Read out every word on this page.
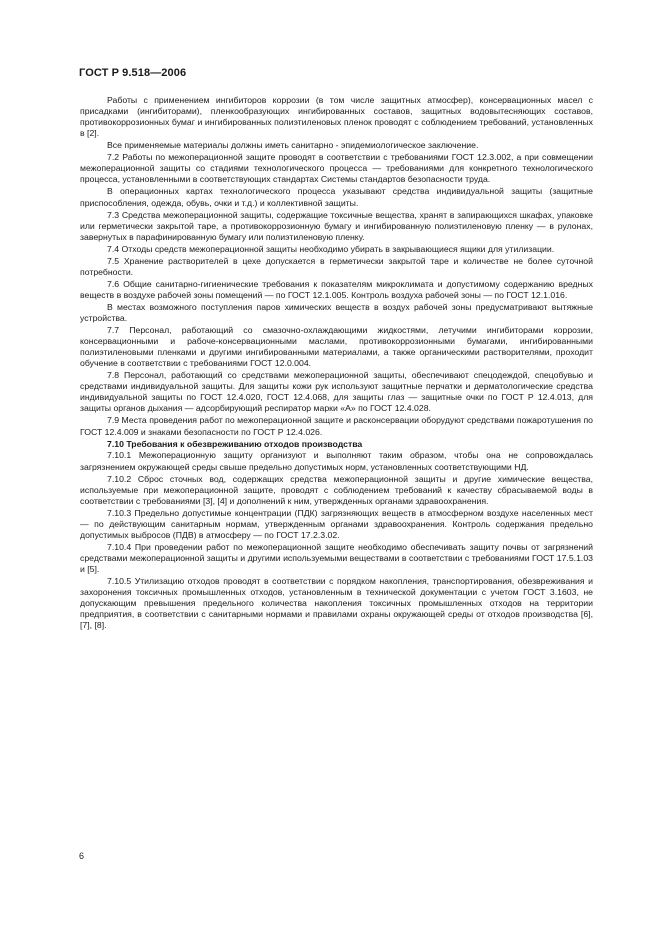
ГОСТ Р 9.518—2006

Работы с применением ингибиторов коррозии (в том числе защитных атмосфер), консервационных масел с присадками (ингибиторами), пленкообразующих ингибированных составов, защитных водовытесняющих составов, противокоррозионных бумаг и ингибированных полиэтиленовых пленок проводят с соблюдением требований, установленных в [2].

Все применяемые материалы должны иметь санитарно - эпидемиологическое заключение.

7.2 Работы по межоперационной защите проводят в соответствии с требованиями ГОСТ 12.3.002, а при совмещении межоперационной защиты со стадиями технологического процесса — требованиями для конкретного технологического процесса, установленными в соответствующих стандартах Системы стандартов безопасности труда.

В операционных картах технологического процесса указывают средства индивидуальной защиты (защитные приспособления, одежда, обувь, очки и т.д.) и коллективной защиты.

7.3 Средства межоперационной защиты, содержащие токсичные вещества, хранят в запирающихся шкафах, упаковке или герметически закрытой таре, а противокоррозионную бумагу и ингибированную полиэтиленовую пленку — в рулонах, завернутых в парафинированную бумагу или полиэтиленовую пленку.

7.4 Отходы средств межоперационной защиты необходимо убирать в закрывающиеся ящики для утилизации.

7.5 Хранение растворителей в цехе допускается в герметически закрытой таре и количестве не более суточной потребности.

7.6 Общие санитарно-гигиенические требования к показателям микроклимата и допустимому содержанию вредных веществ в воздухе рабочей зоны помещений — по ГОСТ 12.1.005. Контроль воздуха рабочей зоны — по ГОСТ 12.1.016.

В местах возможного поступления паров химических веществ в воздух рабочей зоны предусматривают вытяжные устройства.

7.7 Персонал, работающий со смазочно-охлаждающими жидкостями, летучими ингибиторами коррозии, консервационными и рабоче-консервационными маслами, противокоррозионными бумагами, ингибированными полиэтиленовыми пленками и другими ингибированными материалами, а также органическими растворителями, проходит обучение в соответствии с требованиями ГОСТ 12.0.004.

7.8 Персонал, работающий со средствами межоперационной защиты, обеспечивают спецодеждой, спецобувью и средствами индивидуальной защиты. Для защиты кожи рук используют защитные перчатки и дерматологические средства индивидуальной защиты по ГОСТ 12.4.020, ГОСТ 12.4.068, для защиты глаз — защитные очки по ГОСТ Р 12.4.013, для защиты органов дыхания — адсорбирующий респиратор марки «А» по ГОСТ 12.4.028.

7.9 Места проведения работ по межоперационной защите и расконсервации оборудуют средствами пожаротушения по ГОСТ 12.4.009 и знаками безопасности по ГОСТ Р 12.4.026.

7.10 Требования к обезвреживанию отходов производства

7.10.1 Межоперационную защиту организуют и выполняют таким образом, чтобы она не сопровождалась загрязнением окружающей среды свыше предельно допустимых норм, установленных соответствующими НД.

7.10.2 Сброс сточных вод, содержащих средства межоперационной защиты и другие химические вещества, используемые при межоперационной защите, проводят с соблюдением требований к качеству сбрасываемой воды в соответствии с требованиями [3], [4] и дополнений к ним, утвержденных органами здравоохранения.

7.10.3 Предельно допустимые концентрации (ПДК) загрязняющих веществ в атмосферном воздухе населенных мест — по действующим санитарным нормам, утвержденным органами здравоохранения. Контроль содержания предельно допустимых выбросов (ПДВ) в атмосферу — по ГОСТ 17.2.3.02.

7.10.4 При проведении работ по межоперационной защите необходимо обеспечивать защиту почвы от загрязнений средствами межоперационной защиты и другими используемыми веществами в соответствии с требованиями ГОСТ 17.5.1.03 и [5].

7.10.5 Утилизацию отходов проводят в соответствии с порядком накопления, транспортирования, обезвреживания и захоронения токсичных промышленных отходов, установленным в технической документации с учетом ГОСТ 3.1603, не допускающим превышения предельного количества накопления токсичных промышленных отходов на территории предприятия, в соответствии с санитарными нормами и правилами охраны окружающей среды от отходов производства [6], [7], [8].

6
